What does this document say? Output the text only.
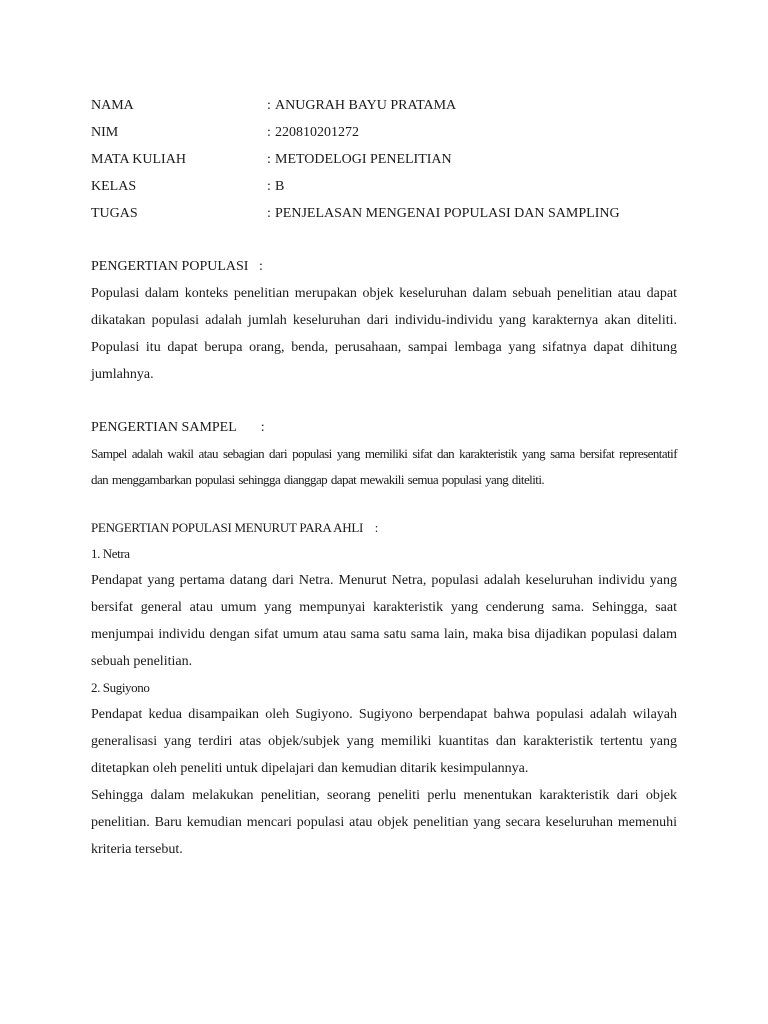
NAMA	: ANUGRAH BAYU PRATAMA
NIM	: 220810201272
MATA KULIAH	: METODELOGI PENELITIAN
KELAS	: B
TUGAS	: PENJELASAN MENGENAI POPULASI DAN SAMPLING
PENGERTIAN POPULASI   :

Populasi dalam konteks penelitian merupakan objek keseluruhan dalam sebuah penelitian atau dapat dikatakan populasi adalah jumlah keseluruhan dari individu-individu yang karakternya akan diteliti. Populasi itu dapat berupa orang, benda, perusahaan, sampai lembaga yang sifatnya dapat dihitung jumlahnya.

PENGERTIAN SAMPEL       :

Sampel adalah wakil atau sebagian dari populasi yang memiliki sifat dan karakteristik yang sama bersifat representatif dan menggambarkan populasi sehingga dianggap dapat mewakili semua populasi yang diteliti.

PENGERTIAN POPULASI MENURUT PARA AHLI    :
1. Netra

Pendapat yang pertama datang dari Netra. Menurut Netra, populasi adalah keseluruhan individu yang bersifat general atau umum yang mempunyai karakteristik yang cenderung sama. Sehingga, saat menjumpai individu dengan sifat umum atau sama satu sama lain, maka bisa dijadikan populasi dalam sebuah penelitian.

2. Sugiyono

Pendapat kedua disampaikan oleh Sugiyono. Sugiyono berpendapat bahwa populasi adalah wilayah generalisasi yang terdiri atas objek/subjek yang memiliki kuantitas dan karakteristik tertentu yang ditetapkan oleh peneliti untuk dipelajari dan kemudian ditarik kesimpulannya.

Sehingga dalam melakukan penelitian, seorang peneliti perlu menentukan karakteristik dari objek penelitian. Baru kemudian mencari populasi atau objek penelitian yang secara keseluruhan memenuhi kriteria tersebut.
